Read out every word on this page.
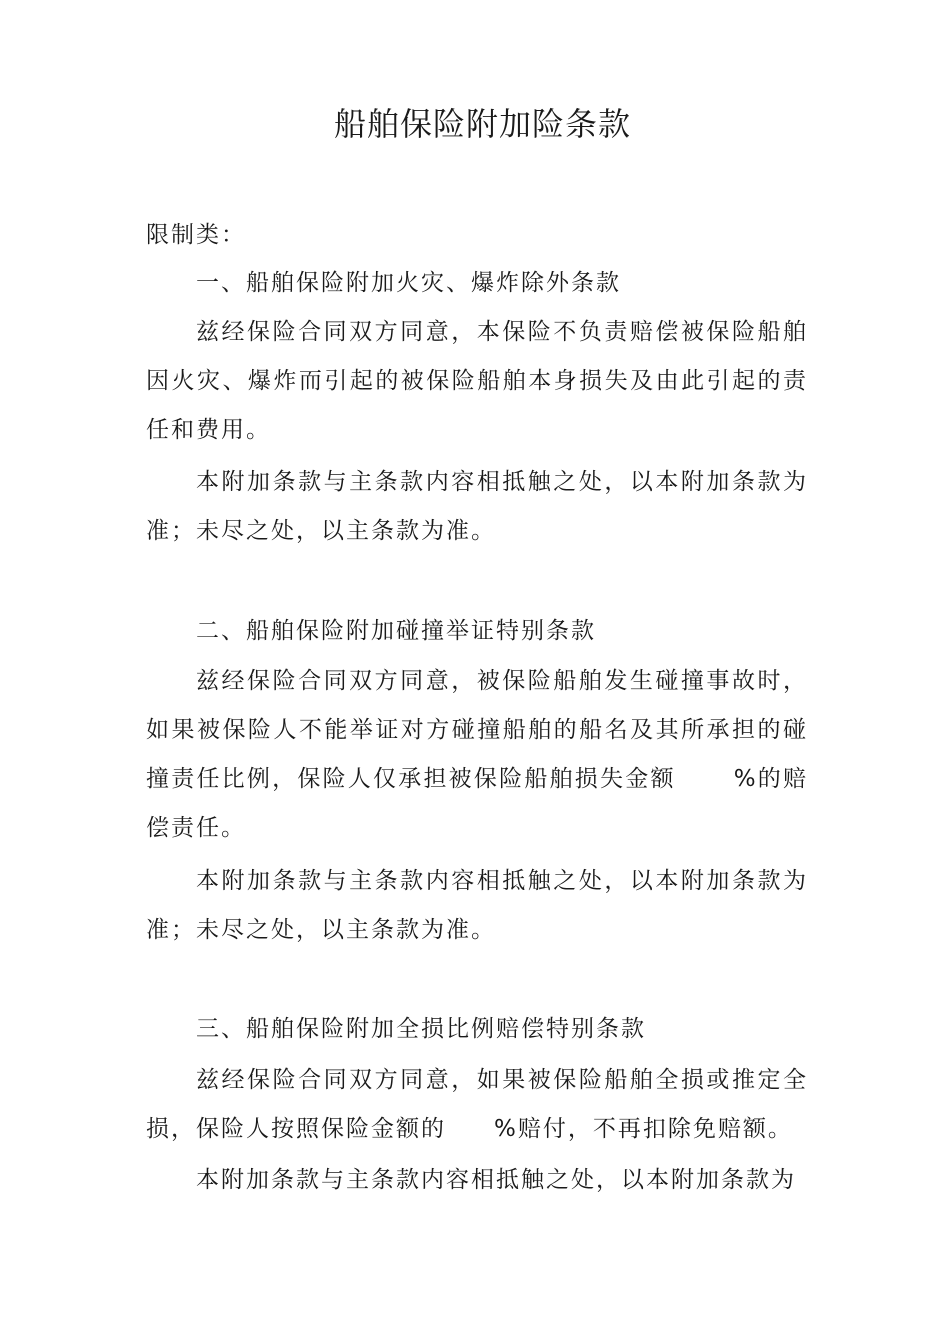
船舶保险附加险条款

限制类：

一、船舶保险附加火灾、爆炸除外条款

兹经保险合同双方同意，本保险不负责赔偿被保险船舶因火灾、爆炸而引起的被保险船舶本身损失及由此引起的责任和费用。

本附加条款与主条款内容相抵触之处，以本附加条款为准；未尽之处，以主条款为准。

二、船舶保险附加碰撞举证特别条款

兹经保险合同双方同意，被保险船舶发生碰撞事故时，如果被保险人不能举证对方碰撞船舶的船名及其所承担的碰撞责任比例，保险人仅承担被保险船舶损失金额	%的赔偿责任。

本附加条款与主条款内容相抵触之处，以本附加条款为准；未尽之处，以主条款为准。

三、船舶保险附加全损比例赔偿特别条款

兹经保险合同双方同意，如果被保险船舶全损或推定全损，保险人按照保险金额的 %赔付，不再扣除免赔额。

本附加条款与主条款内容相抵触之处，以本附加条款为
